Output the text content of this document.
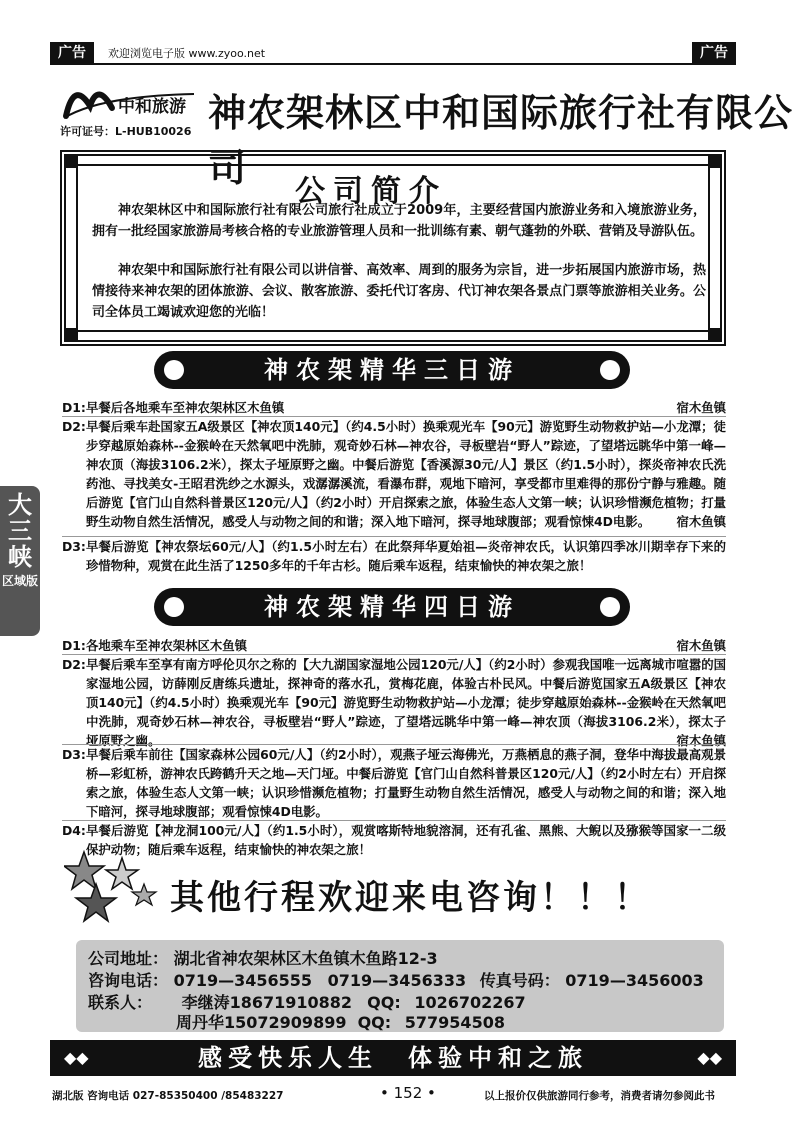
广告	欢迎浏览电子版 www.zyoo.net	广告
中和旅游
许可证号：L-HUB10026 神农架林区中和国际旅行社有限公司
公司简介
神农架林区中和国际旅行社有限公司旅行社成立于2009年，主要经营国内旅游业务和入境旅游业务，拥有一批经国家旅游局考核合格的专业旅游管理人员和一批训练有素、朝气蓬勃的外联、营销及导游队伍。
神农架中和国际旅行社有限公司以讲信誉、高效率、周到的服务为宗旨，进一步拓展国内旅游市场，热情接待来神农架的团体旅游、会议、散客旅游、委托代订客房、代订神农架各景点门票等旅游相关业务。公司全体员工竭诚欢迎您的光临！
神农架精华三日游
D1: 早餐后各地乘车至神农架林区木鱼镇	宿木鱼镇
D2: 早餐后乘车赴国家五A级景区【神农顶140元】（约4.5小时）换乘观光车【90元】游览野生动物救护站—小龙潭；徒步穿越原始森林--金猴岭在天然氧吧中洗肺，观奇妙石林—神农谷，寻板壁岩“野人”踪迹，了望塔远眺华中第一峰—神农顶（海拔3106.2米），探太子垭原野之幽。中餐后游览【香溪源30元/人】景区（约1.5小时），探炎帝神农氏洗药池、寻找美女-王昭君洗纱之水源头，戏潺潺溪流，看瀑布群，观地下暗河，享受都市里难得的那份宁静与雅趣。随后游览【官门山自然科普景区120元/人】（约2小时）开启探索之旅，体验生态人文第一峡；认识珍惜濒危植物；打量野生动物自然生活情况，感受人与动物之间的和谐；深入地下暗河，探寻地球腹部；观看惊悚4D电影。	宿木鱼镇
D3: 早餐后游览【神农祭坛60元/人】（约1.5小时左右）在此祭拜华夏始祖—炎帝神农氏，认识第四季冰川期幸存下来的珍惜物种，观赏在此生活了1250多年的千年古杉。随后乘车返程，结束愉快的神农架之旅！
大三峡
区域版
神农架精华四日游
D1: 各地乘车至神农架林区木鱼镇	宿木鱼镇
D2: 早餐后乘车至享有南方呼伦贝尔之称的【大九湖国家湿地公园120元/人】（约2小时）参观我国唯一远离城市喧嚣的国家湿地公园，访薛刚反唐练兵遗址，探神奇的落水孔，赏梅花鹿，体验古朴民风。中餐后游览国家五A级景区【神农顶140元】（约4.5小时）换乘观光车【90元】游览野生动物救护站—小龙潭；徒步穿越原始森林--金猴岭在天然氧吧中洗肺，观奇妙石林—神农谷，寻板壁岩“野人”踪迹，了望塔远眺华中第一峰—神农顶（海拔3106.2米），探太子垭原野之幽。	宿木鱼镇
D3: 早餐后乘车前往【国家森林公园60元/人】（约2小时），观燕子垭云海佛光，万燕栖息的燕子洞，登华中海拔最高观景桥—彩虹桥，游神农氏跨鹤升天之地—天门垭。中餐后游览【官门山自然科普景区120元/人】（约2小时左右）开启探索之旅，体验生态人文第一峡；认识珍惜濒危植物；打量野生动物自然生活情况，感受人与动物之间的和谐；深入地下暗河，探寻地球腹部；观看惊悚4D电影。
D4: 早餐后游览【神龙洞100元/人】（约1.5小时），观赏喀斯特地貌溶洞，还有孔雀、黑熊、大鲵以及猕猴等国家一二级保护动物；随后乘车返程，结束愉快的神农架之旅！
其他行程欢迎来电咨询！！！
公司地址： 湖北省神农架林区木鱼镇木鱼路12-3
咨询电话： 0719—3456555 0719—3456333 传真号码： 0719—3456003
联系人： 李继涛18671910882 QQ: 1026702267
周丹华15072909899 QQ: 577954508
感受快乐人生　体验中和之旅
◆◆	◆◆
湖北版 咨询电话 027-85350400 /85483227	• 152 •	以上报价仅供旅游同行参考，消费者请勿参阅此书
